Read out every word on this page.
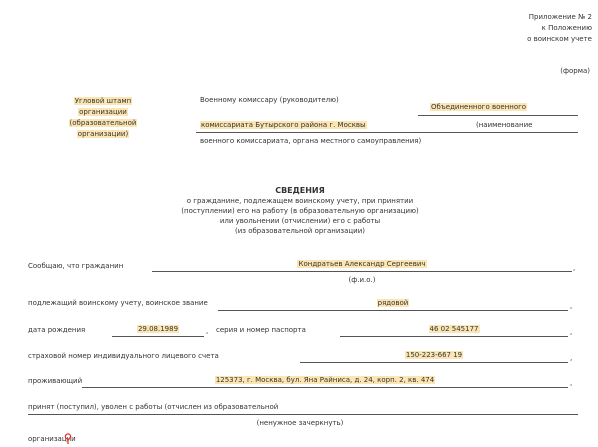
Приложение № 2
к Положению
о воинском учете
(форма)
Угловой штамп
организации
(образовательной
организации)
Военному комиссару (руководителю)
Объединенного военного
комиссариата Бутырского района г. Москвы	(наименование
военного комиссариата, органа местного самоуправления)
СВЕДЕНИЯ
о гражданине, подлежащем воинскому учету, при принятии
(поступлении) его на работу (в образовательную организацию)
или увольнении (отчислении) его с работы
(из образовательной организации)
Сообщаю, что гражданин	Кондратьев Александр Сергеевич	,
(ф.и.о.)
подлежащий воинскому учету, воинское звание	рядовой	,
дата рождения	29.08.1989	, серия и номер паспорта	46 02 545177	,
страховой номер индивидуального лицевого счета	150-223-667 19	,
проживающий	125373, г. Москва, бул. Яна Райниса, д. 24, корп. 2, кв. 474	,
принят (поступил), уволен с работы (отчислен из образовательной
(ненужное зачеркнуть)
организации
